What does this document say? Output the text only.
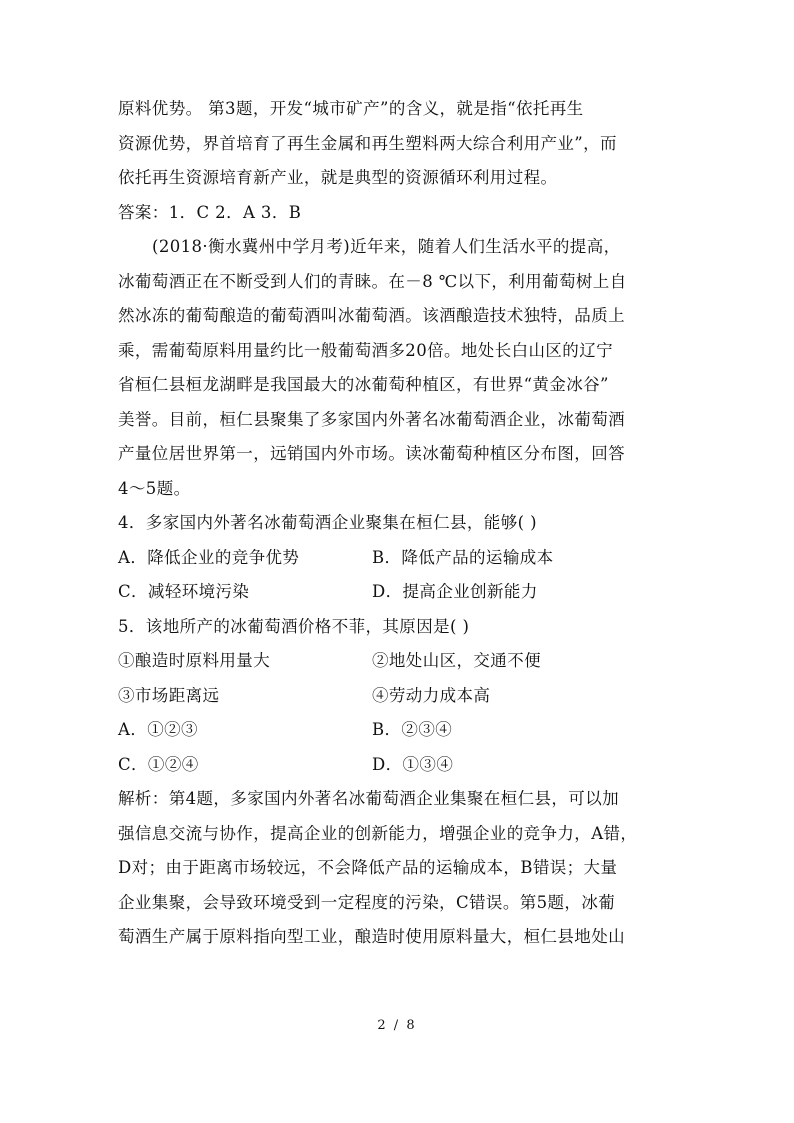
原料优势。 第3题，开发“城市矿产”的含义，就是指“依托再生
资源优势，界首培育了再生金属和再生塑料两大综合利用产业”，而
依托再生资源培育新产业，就是典型的资源循环利用过程。
答案：1．C 2．A 3．B
(2018·衡水冀州中学月考)近年来，随着人们生活水平的提高，
冰葡萄酒正在不断受到人们的青睐。在－8 ℃以下，利用葡萄树上自
然冰冻的葡萄酿造的葡萄酒叫冰葡萄酒。该酒酿造技术独特，品质上
乘，需葡萄原料用量约比一般葡萄酒多20倍。地处长白山区的辽宁
省桓仁县桓龙湖畔是我国最大的冰葡萄种植区，有世界“黄金冰谷”
美誉。目前，桓仁县聚集了多家国内外著名冰葡萄酒企业，冰葡萄酒
产量位居世界第一，远销国内外市场。读冰葡萄种植区分布图，回答
4～5题。
4．多家国内外著名冰葡萄酒企业聚集在桓仁县，能够( )
A．降低企业的竞争优势	B．降低产品的运输成本
C．减轻环境污染	D．提高企业创新能力
5．该地所产的冰葡萄酒价格不菲，其原因是( )
①酿造时原料用量大	②地处山区，交通不便
③市场距离远	④劳动力成本高
A．①②③	B．②③④
C．①②④	D．①③④
解析：第4题，多家国内外著名冰葡萄酒企业集聚在桓仁县，可以加
强信息交流与协作，提高企业的创新能力，增强企业的竞争力，A错，
D对；由于距离市场较远，不会降低产品的运输成本，B错误；大量
企业集聚，会导致环境受到一定程度的污染，C错误。第5题，冰葡
萄酒生产属于原料指向型工业，酿造时使用原料量大，桓仁县地处山
2 / 8
